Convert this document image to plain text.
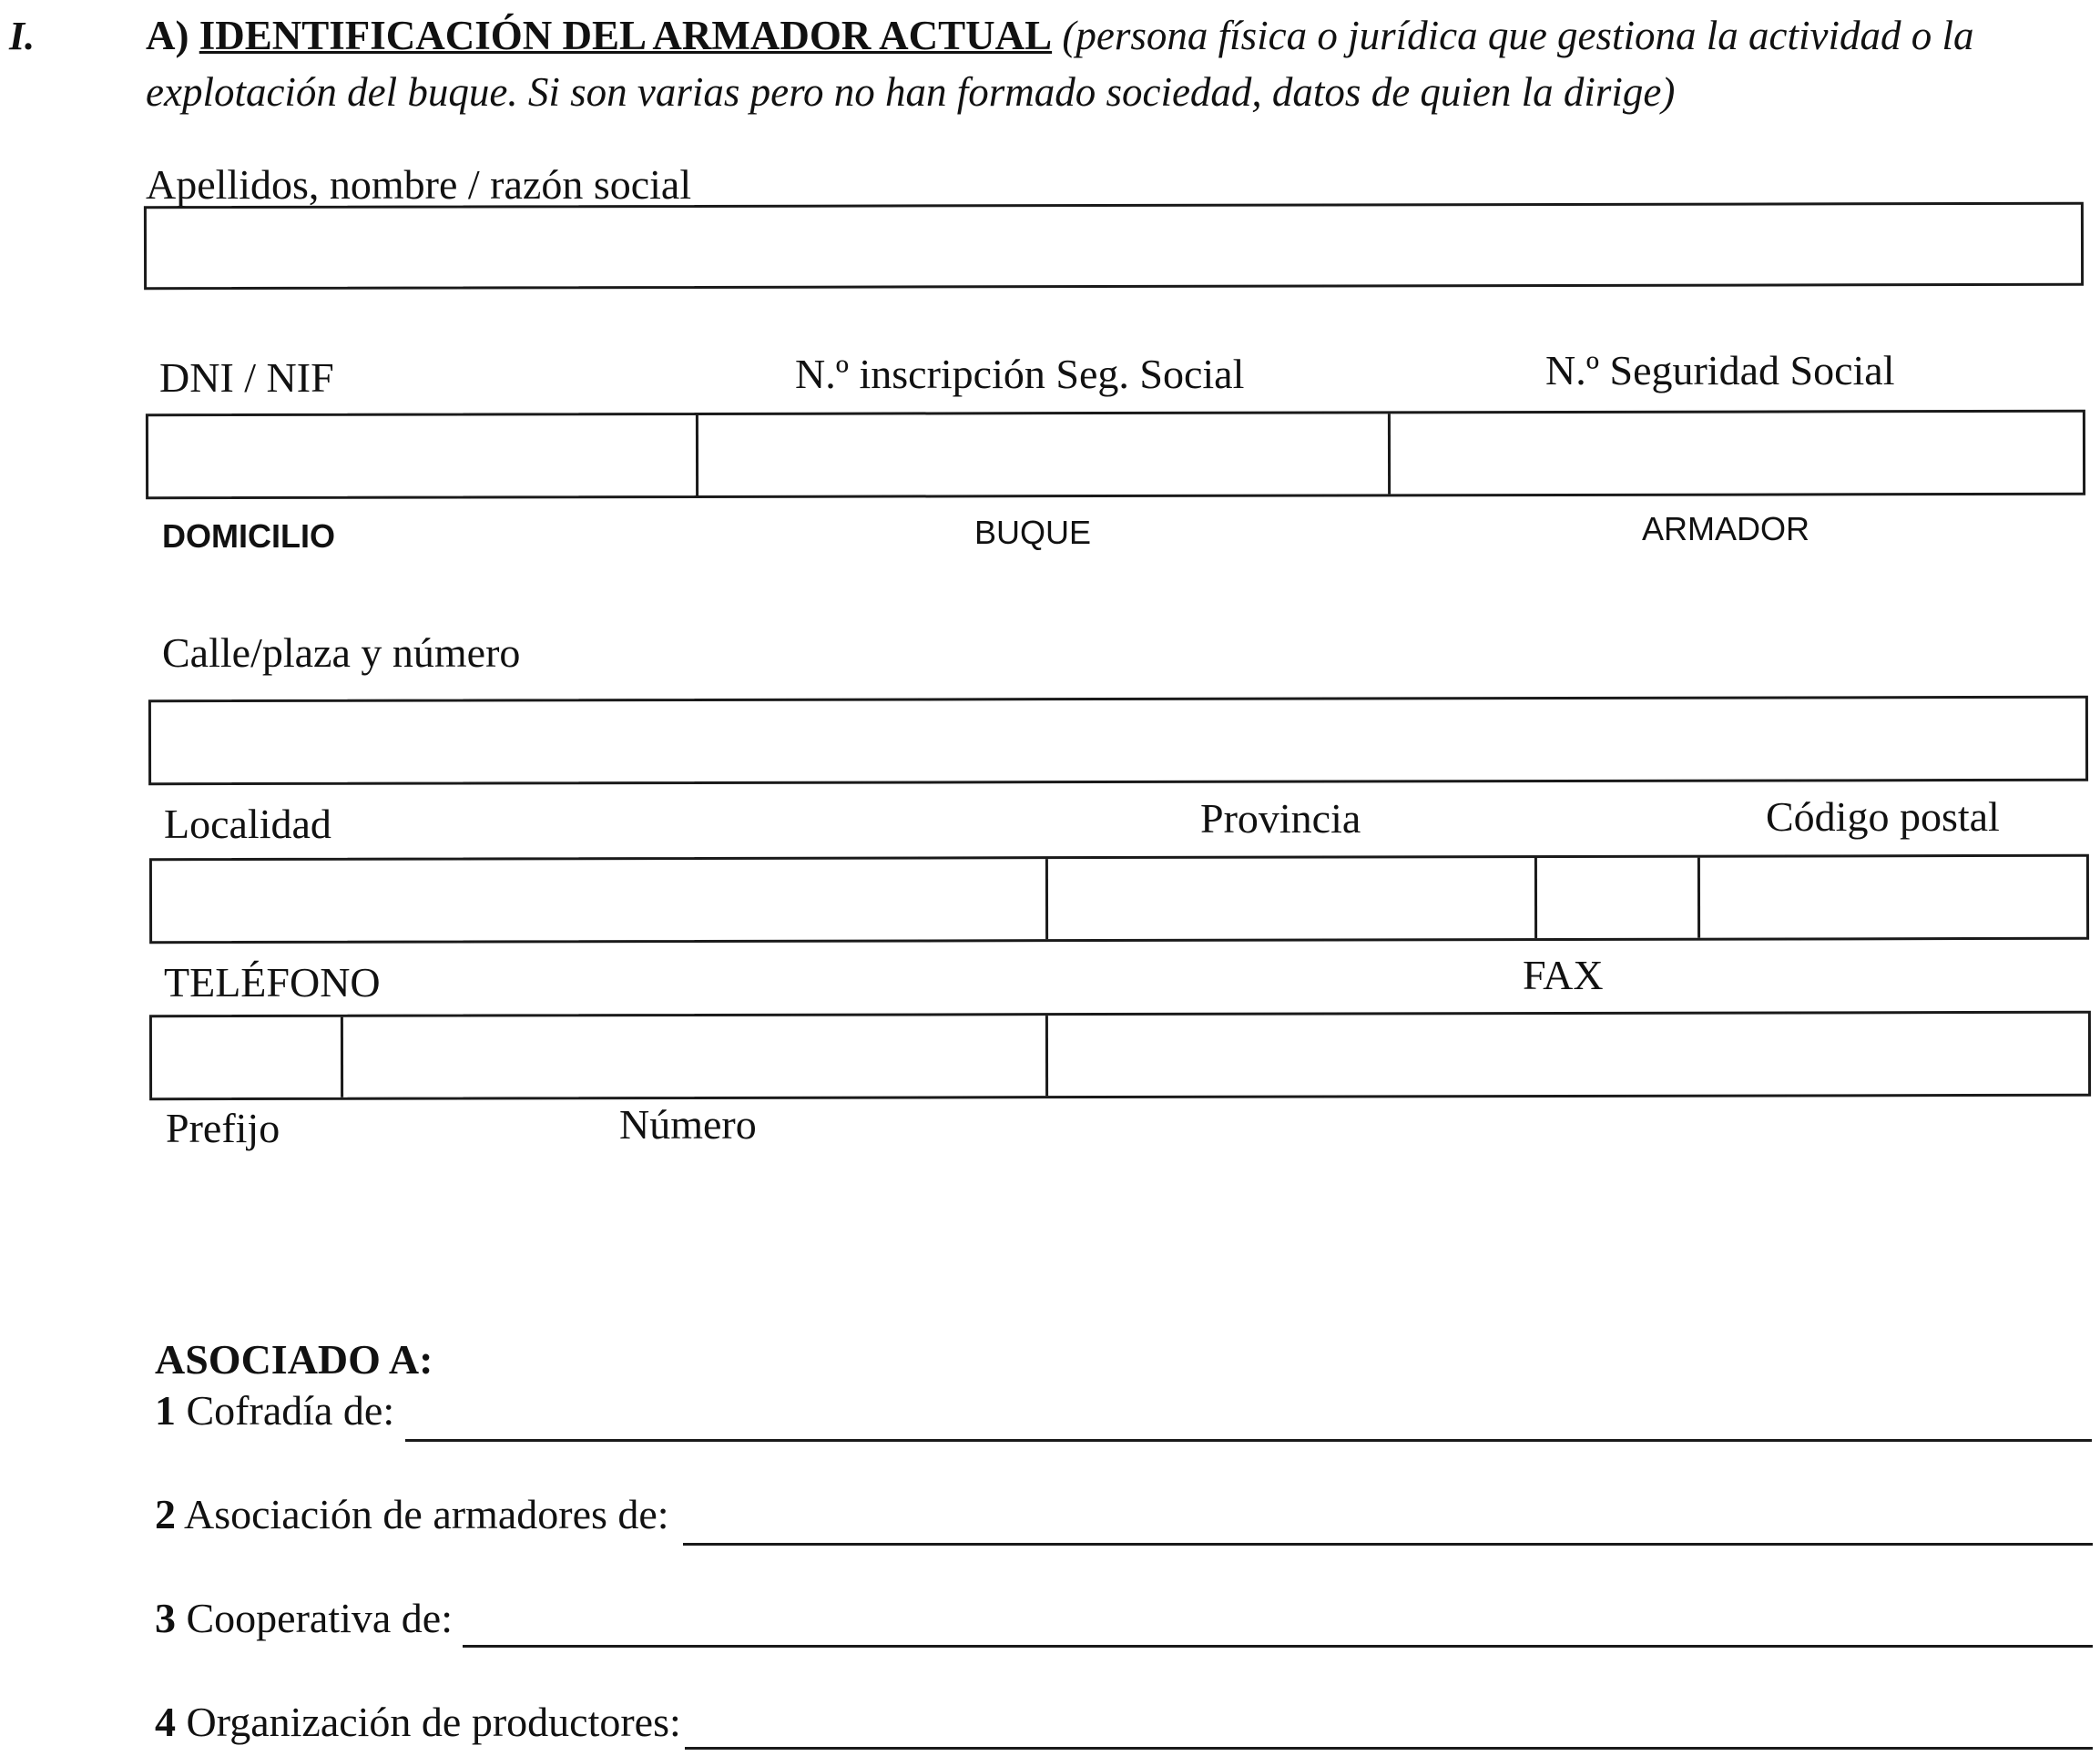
I.	A) IDENTIFICACIÓN DEL ARMADOR ACTUAL (persona física o jurídica que gestiona la actividad o la explotación del buque. Si son varias pero no han formado sociedad, datos de quien la dirige)
Apellidos, nombre / razón social
DNI / NIF	N.º inscripción Seg. Social	N.º Seguridad Social
DOMICILIO	BUQUE	ARMADOR
Calle/plaza y número
Localidad	Provincia	Código postal
TELÉFONO	FAX
Prefijo	Número
ASOCIADO A:
1 Cofradía de:
2 Asociación de armadores de:
3 Cooperativa de:
4 Organización de productores:
